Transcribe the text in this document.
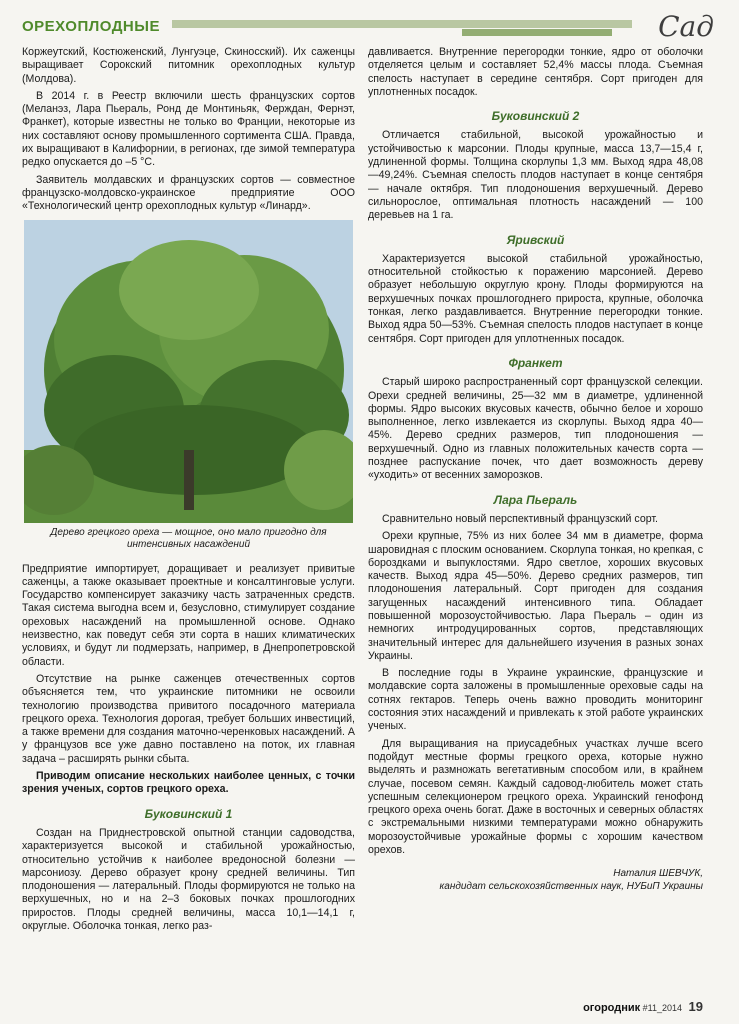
ОРЕХОПЛОДНЫЕ	Сад

Коржеутский, Костюженский, Лунгуэце, Скиносский). Их саженцы выращивает Сорокский питомник орехоплодных культур (Молдова).

В 2014 г. в Реестр включили шесть французских сортов (Меланэз, Лара Пьераль, Ронд де Монтиньяк, Ферждан, Фернэт, Франкет), которые известны не только во Франции, некоторые из них составляют основу промышленного сортимента США. Правда, их выращивают в Калифорнии, в регионах, где зимой температура редко опускается до –5 °С.

Заявитель молдавских и французских сортов — совместное французско-молдовско-украинское предприятие ООО «Технологический центр орехоплодных культур «Линард».

Дерево грецкого ореха — мощное, оно мало пригодно для интенсивных насаждений

Предприятие импортирует, доращивает и реализует привитые саженцы, а также оказывает проектные и консалтинговые услуги. Государство компенсирует заказчику часть затраченных средств. Такая система выгодна всем и, безусловно, стимулирует создание ореховых насаждений на промышленной основе. Однако неизвестно, как поведут себя эти сорта в наших климатических условиях, и будут ли подмерзать, например, в Днепропетровской области.

Отсутствие на рынке саженцев отечественных сортов объясняется тем, что украинские питомники не освоили технологию производства привитого посадочного материала грецкого ореха. Технология дорогая, требует больших инвестиций, а также времени для создания маточно-черенковых насаждений. А у французов все уже давно поставлено на поток, их главная задача – расширять рынки сбыта.

Приводим описание нескольких наиболее ценных, с точки зрения ученых, сортов грецкого ореха.

Буковинский 1

Создан на Приднестровской опытной станции садоводства, характеризуется высокой и стабильной урожайностью, относительно устойчив к наиболее вредоносной болезни — марсониозу. Дерево образует крону средней величины. Тип плодоношения — латеральный. Плоды формируются не только на верхушечных, но и на 2–3 боковых почках прошлогодних приростов. Плоды средней величины, масса 10,1—14,1 г, округлые. Оболочка тонкая, легко раз-

давливается. Внутренние перегородки тонкие, ядро от оболочки отделяется целым и составляет 52,4% массы плода. Съемная спелость наступает в середине сентября. Сорт пригоден для уплотненных посадок.

Буковинский 2

Отличается стабильной, высокой урожайностью и устойчивостью к марсонии. Плоды крупные, масса 13,7—15,4 г, удлиненной формы. Толщина скорлупы 1,3 мм. Выход ядра 48,08—49,24%. Съемная спелость плодов наступает в конце сентября — начале октября. Тип плодоношения верхушечный. Дерево сильнорослое, оптимальная плотность насаждений — 100 деревьев на 1 га.

Яривский

Характеризуется высокой стабильной урожайностью, относительной стойкостью к поражению марсонией. Дерево образует небольшую округлую крону. Плоды формируются на верхушечных почках прошлогоднего прироста, крупные, оболочка тонкая, легко раздавливается. Внутренние перегородки тонкие. Выход ядра 50—53%. Съемная спелость плодов наступает в конце сентября. Сорт пригоден для уплотненных посадок.

Франкет

Старый широко распространенный сорт французской селекции. Орехи средней величины, 25—32 мм в диаметре, удлиненной формы. Ядро высоких вкусовых качеств, обычно белое и хорошо выполненное, легко извлекается из скорлупы. Выход ядра 40—45%. Дерево средних размеров, тип плодоношения — верхушечный. Одно из главных положительных качеств сорта — позднее распускание почек, что дает возможность дереву «уходить» от весенних заморозков.

Лара Пьераль

Сравнительно новый перспективный французский сорт.

Орехи крупные, 75% из них более 34 мм в диаметре, форма шаровидная с плоским основанием. Скорлупа тонкая, но крепкая, с бороздками и выпуклостями. Ядро светлое, хороших вкусовых качеств. Выход ядра 45—50%. Дерево средних размеров, тип плодоношения латеральный. Сорт пригоден для создания загущенных насаждений интенсивного типа. Обладает повышенной морозоустойчивостью. Лара Пьераль – один из немногих интродуцированных сортов, представляющих значительный интерес для дальнейшего изучения в разных зонах Украины.

В последние годы в Украине украинские, французские и молдавские сорта заложены в промышленные ореховые сады на сотнях гектаров. Теперь очень важно проводить мониторинг состояния этих насаждений и привлекать к этой работе украинских ученых.

Для выращивания на приусадебных участках лучше всего подойдут местные формы грецкого ореха, которые нужно выделять и размножать вегетативным способом или, в крайнем случае, посевом семян. Каждый садовод-любитель может стать успешным селекционером грецкого ореха. Украинский генофонд грецкого ореха очень богат. Даже в восточных и северных областях с экстремальными низкими температурами можно обнаружить морозоустойчивые урожайные формы с хорошим качеством орехов.

Наталия ШЕВЧУК,
кандидат сельскохозяйственных наук, НУБиП Украины
огородник #11_2014 19
